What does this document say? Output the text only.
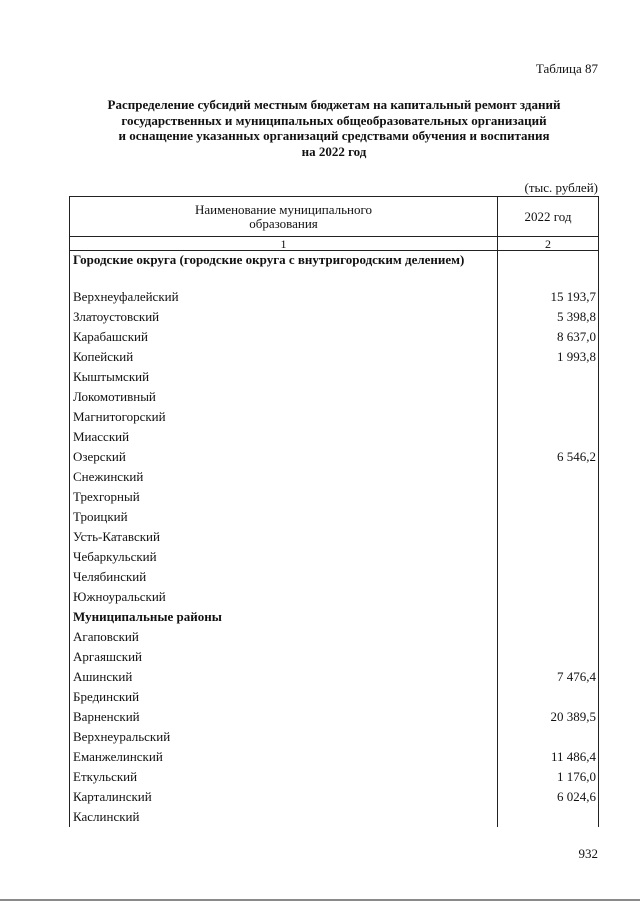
Таблица 87
Распределение субсидий местным бюджетам на капитальный ремонт зданий
государственных и муниципальных общеобразовательных организаций
и оснащение указанных организаций средствами обучения и воспитания
на 2022 год
(тыс. рублей)
Наименование муниципального
образования	2022 год
1	2
Городские округа (городские округа с внутригородским делением)	
Верхнеуфалейский	15 193,7
Златоустовский	5 398,8
Карабашский	8 637,0
Копейский	1 993,8
Кыштымский	
Локомотивный	
Магнитогорский	
Миасский	
Озерский	6 546,2
Снежинский	
Трехгорный	
Троицкий	
Усть-Катавский	
Чебаркульский	
Челябинский	
Южноуральский	
Муниципальные районы	
Агаповский	
Аргаяшский	
Ашинский	7 476,4
Брединский	
Варненский	20 389,5
Верхнеуральский	
Еманжелинский	11 486,4
Еткульский	1 176,0
Карталинский	6 024,6
Каслинский	
932
